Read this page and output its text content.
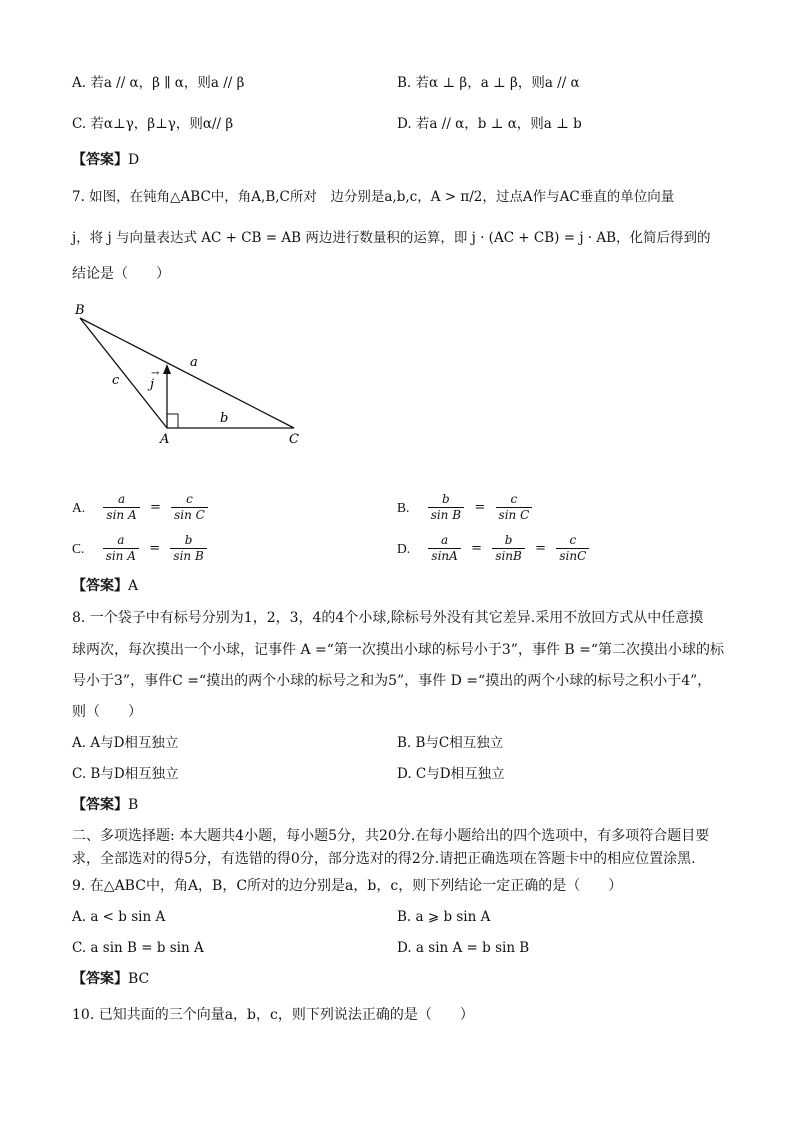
A. 若a // α，β ∥ α，则a // β	B. 若α ⊥ β，a ⊥ β，则a // α
C. 若α⊥γ，β⊥γ，则α// β	D. 若a // α，b ⊥ α，则a ⊥ b
【答案】D
7. 如图，在钝角△ABC中，角A,B,C所对　边分别是a,b,c，A > π/2，过点A作与AC垂直的单位向量
j，将 j 与向量表达式 AC + CB = AB 两边进行数量积的运算，即 j · (AC + CB) = j · AB，化简后得到的
结论是（　　）
B
A	C
a
b
c j
→
A. $\frac{a}{\text{sin A}} = \frac{c}{\text{sin C}}$	B. $\frac{b}{\text{sin B}} = \frac{c}{\text{sin C}}$
C. $\frac{a}{\text{sin A}} = \frac{b}{\text{sin B}}$	D. $\frac{a}{\sin A} = \frac{b}{\sin B} = \frac{c}{\sin C}$
【答案】A
8. 一个袋子中有标号分别为1，2，3，4的4个小球,除标号外没有其它差异.采用不放回方式从中任意摸
球两次，每次摸出一个小球，记事件 A =“第一次摸出小球的标号小于3”，事件 B =“第二次摸出小球的标
号小于3”，事件C =“摸出的两个小球的标号之和为5”，事件 D =“摸出的两个小球的标号之积小于4”，
则（　　）
A. A与D相互独立	B. B与C相互独立
C. B与D相互独立	D. C与D相互独立
【答案】B
二、多项选择题: 本大题共4小题，每小题5分，共20分.在每小题给出的四个选项中，有多项符合题目要
求，全部选对的得5分，有选错的得0分，部分选对的得2分.请把正确选项在答题卡中的相应位置涂黑.
9. 在△ABC中，角A，B，C所对的边分别是a，b，c，则下列结论一定正确的是（　　）
A. a < b sin A	B. a ⩾ b sin A
C. a sin B = b sin A	D. a sin A = b sin B
【答案】BC
10. 已知共面的三个向量a，b，c，则下列说法正确的是（　　）
